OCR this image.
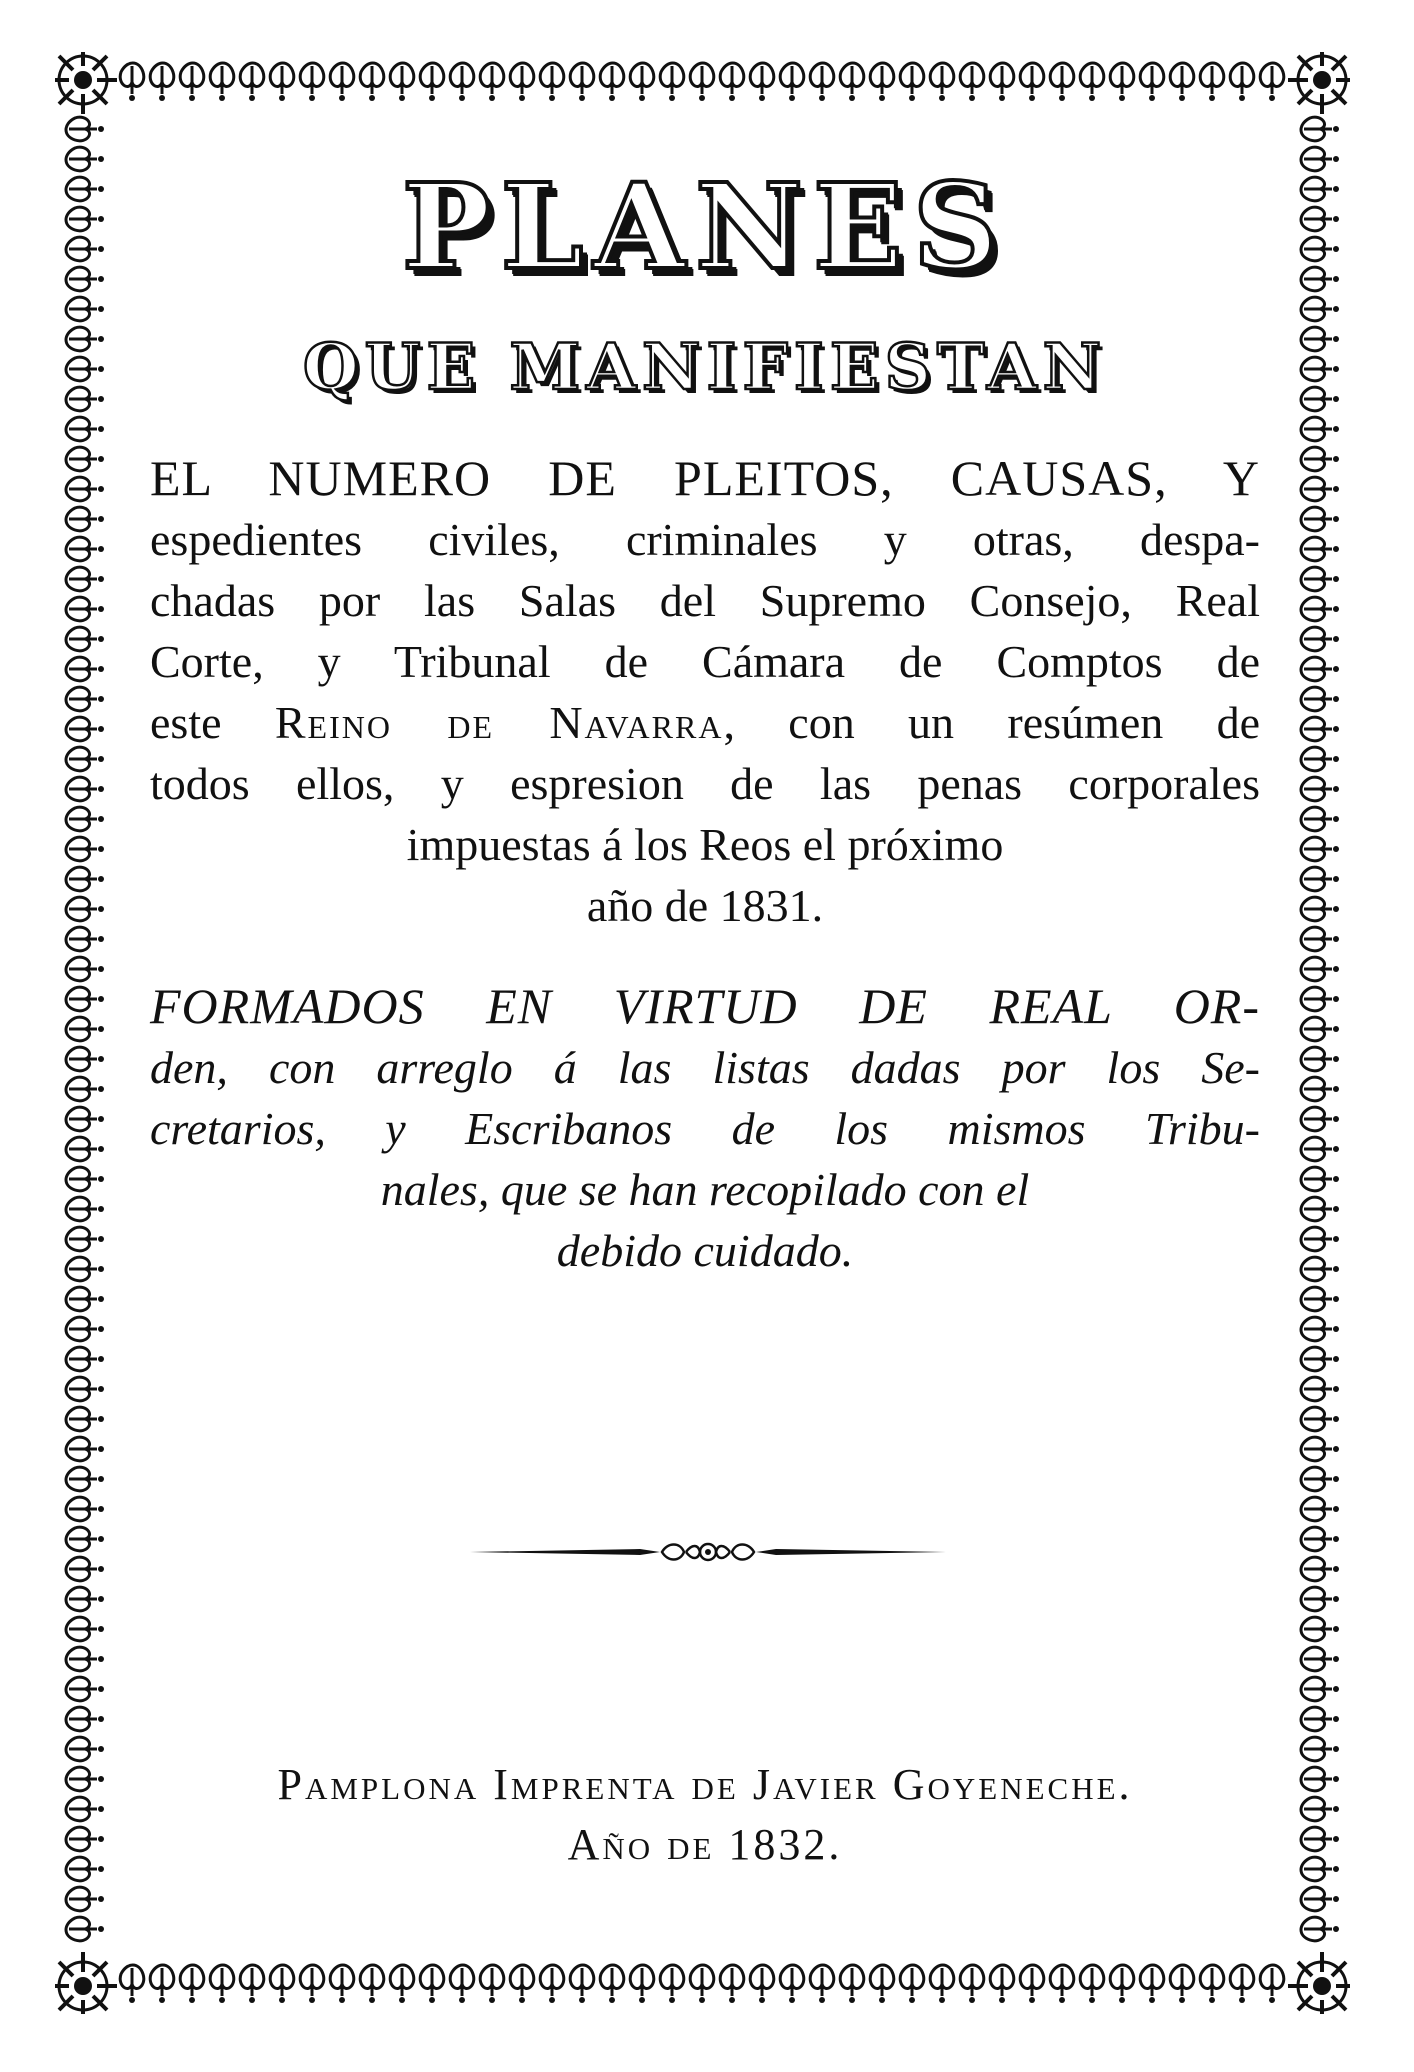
PLANES
QUE MANIFIESTAN
EL NUMERO DE PLEITOS, CAUSAS, Y
espedientes civiles, criminales y otras, despa-
chadas por las Salas del Supremo Consejo, Real
Corte, y Tribunal de Cámara de Comptos de
este Reino de Navarra, con un resúmen de
todos ellos, y espresion de las penas corporales
impuestas á los Reos el próximo
año de 1831.
FORMADOS EN VIRTUD DE REAL OR-
den, con arreglo á las listas dadas por los Se-
cretarios, y Escribanos de los mismos Tribu-
nales, que se han recopilado con el
debido cuidado.
Pamplona Imprenta de Javier Goyeneche.
Año de 1832.
